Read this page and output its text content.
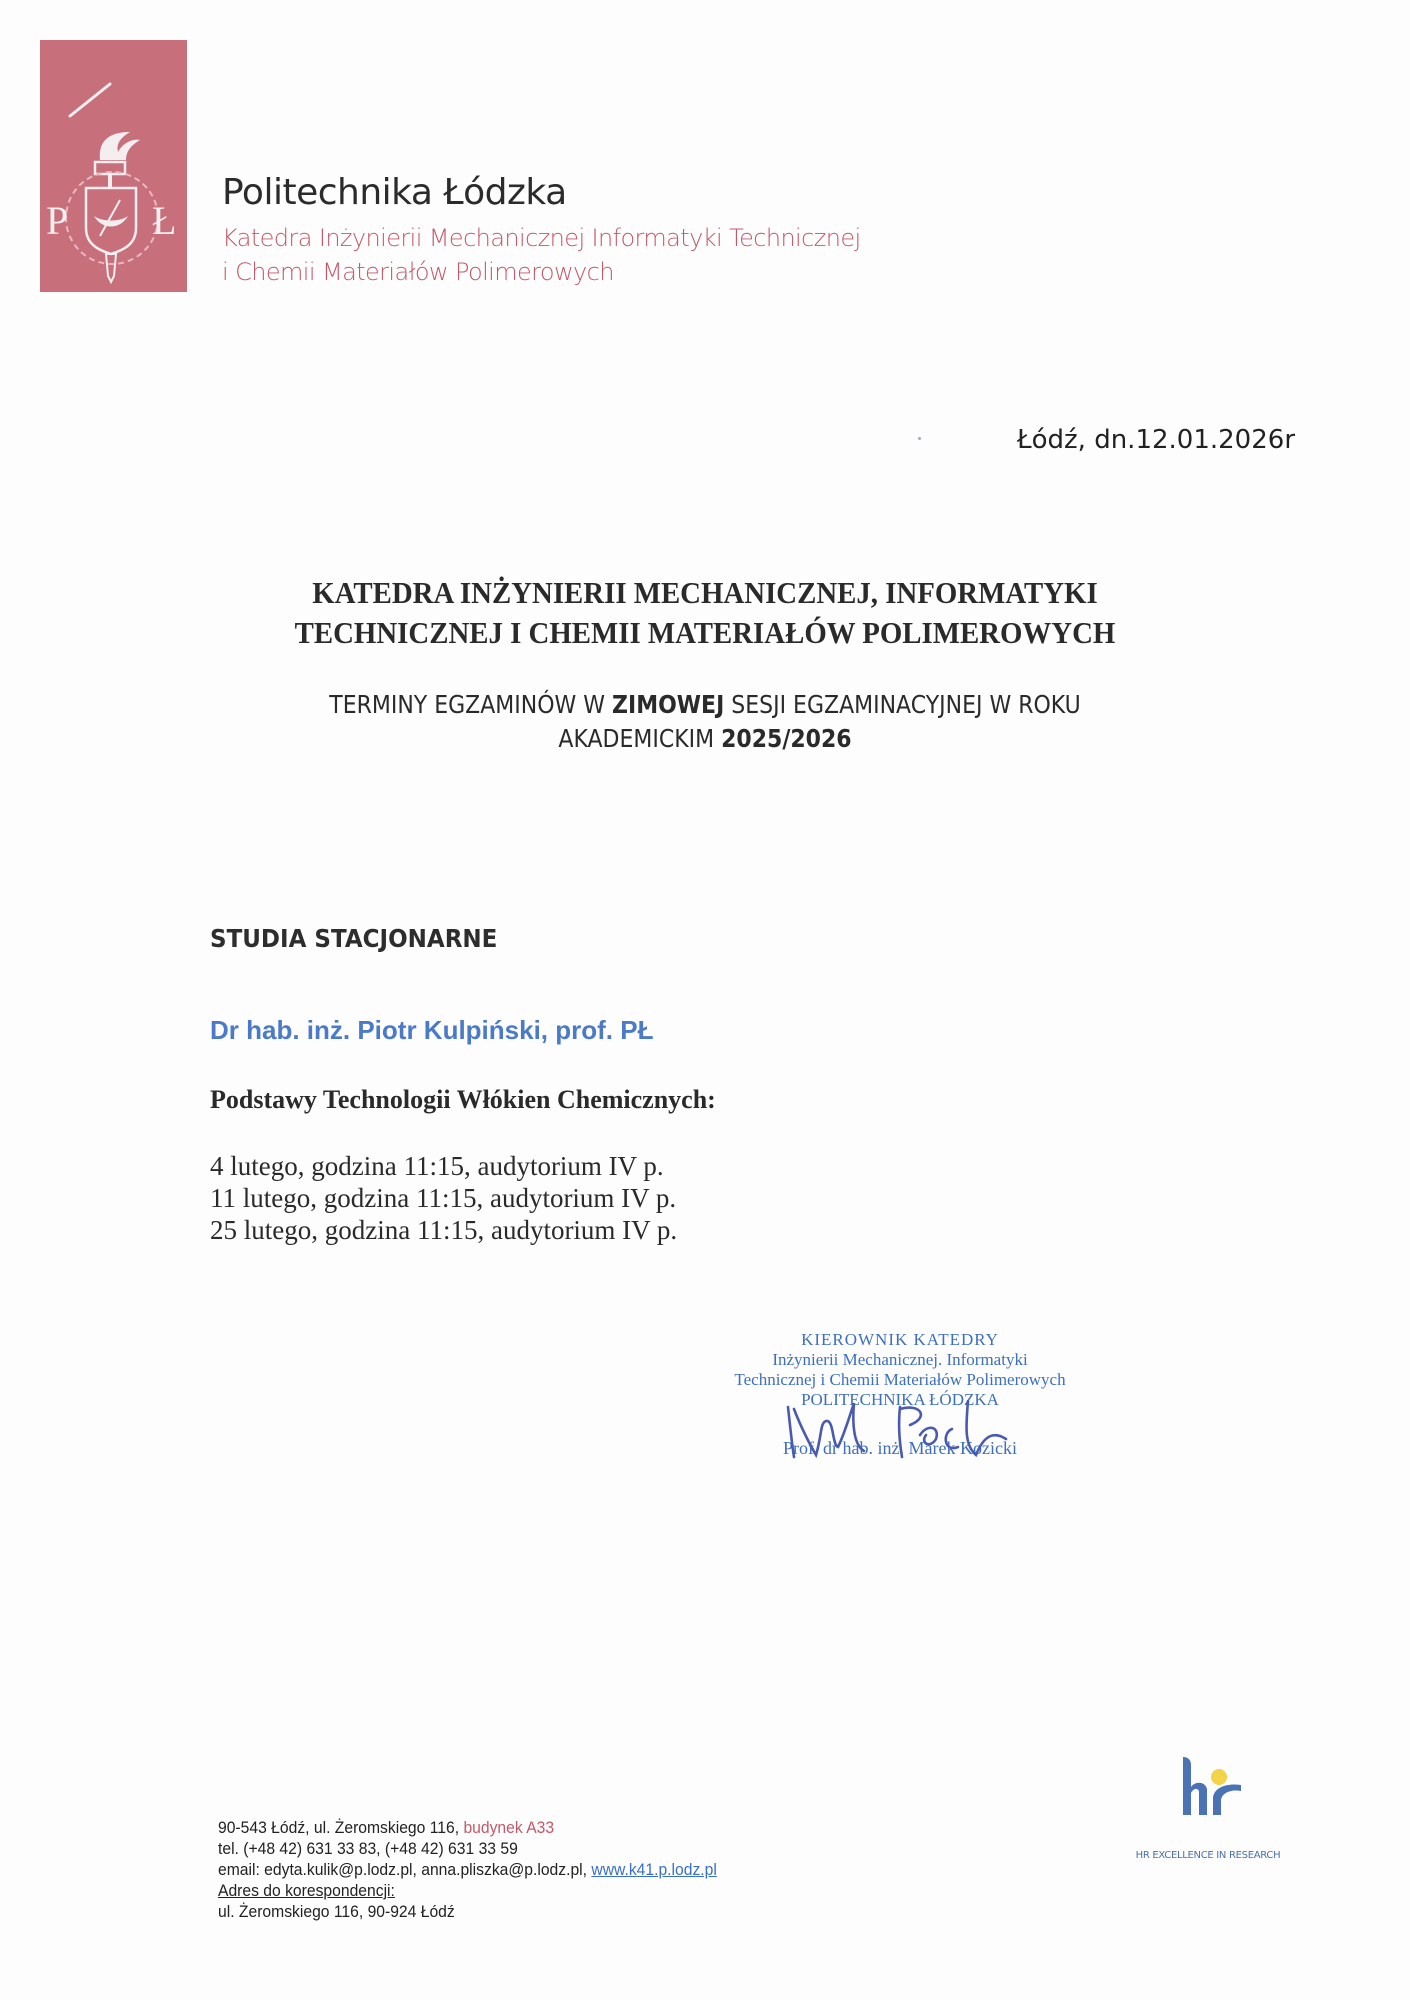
P Ł
Politechnika Łódzka
Katedra Inżynierii Mechanicznej Informatyki Technicznej
i Chemii Materiałów Polimerowych
Łódź, dn.12.01.2026r
KATEDRA INŻYNIERII MECHANICZNEJ, INFORMATYKI
TECHNICZNEJ I CHEMII MATERIAŁÓW POLIMEROWYCH
TERMINY EGZAMINÓW W ZIMOWEJ SESJI EGZAMINACYJNEJ W ROKU
AKADEMICKIM 2025/2026
STUDIA STACJONARNE
Dr hab. inż. Piotr Kulpiński, prof. PŁ
Podstawy Technologii Włókien Chemicznych:
4 lutego, godzina 11:15, audytorium IV p.
11 lutego, godzina 11:15, audytorium IV p.
25 lutego, godzina 11:15, audytorium IV p.
KIEROWNIK KATEDRY
Inżynierii Mechanicznej. Informatyki
Technicznej i Chemii Materiałów Polimerowych
POLITECHNIKA ŁÓDZKA
Prof. dr hab. inż. Marek Kozicki
90-543 Łódź, ul. Żeromskiego 116, budynek A33
tel. (+48 42) 631 33 83, (+48 42) 631 33 59
email: edyta.kulik@p.lodz.pl, anna.pliszka@p.lodz.pl, www.k41.p.lodz.pl
Adres do korespondencji:
ul. Żeromskiego 116, 90-924 Łódź
HR EXCELLENCE IN RESEARCH
